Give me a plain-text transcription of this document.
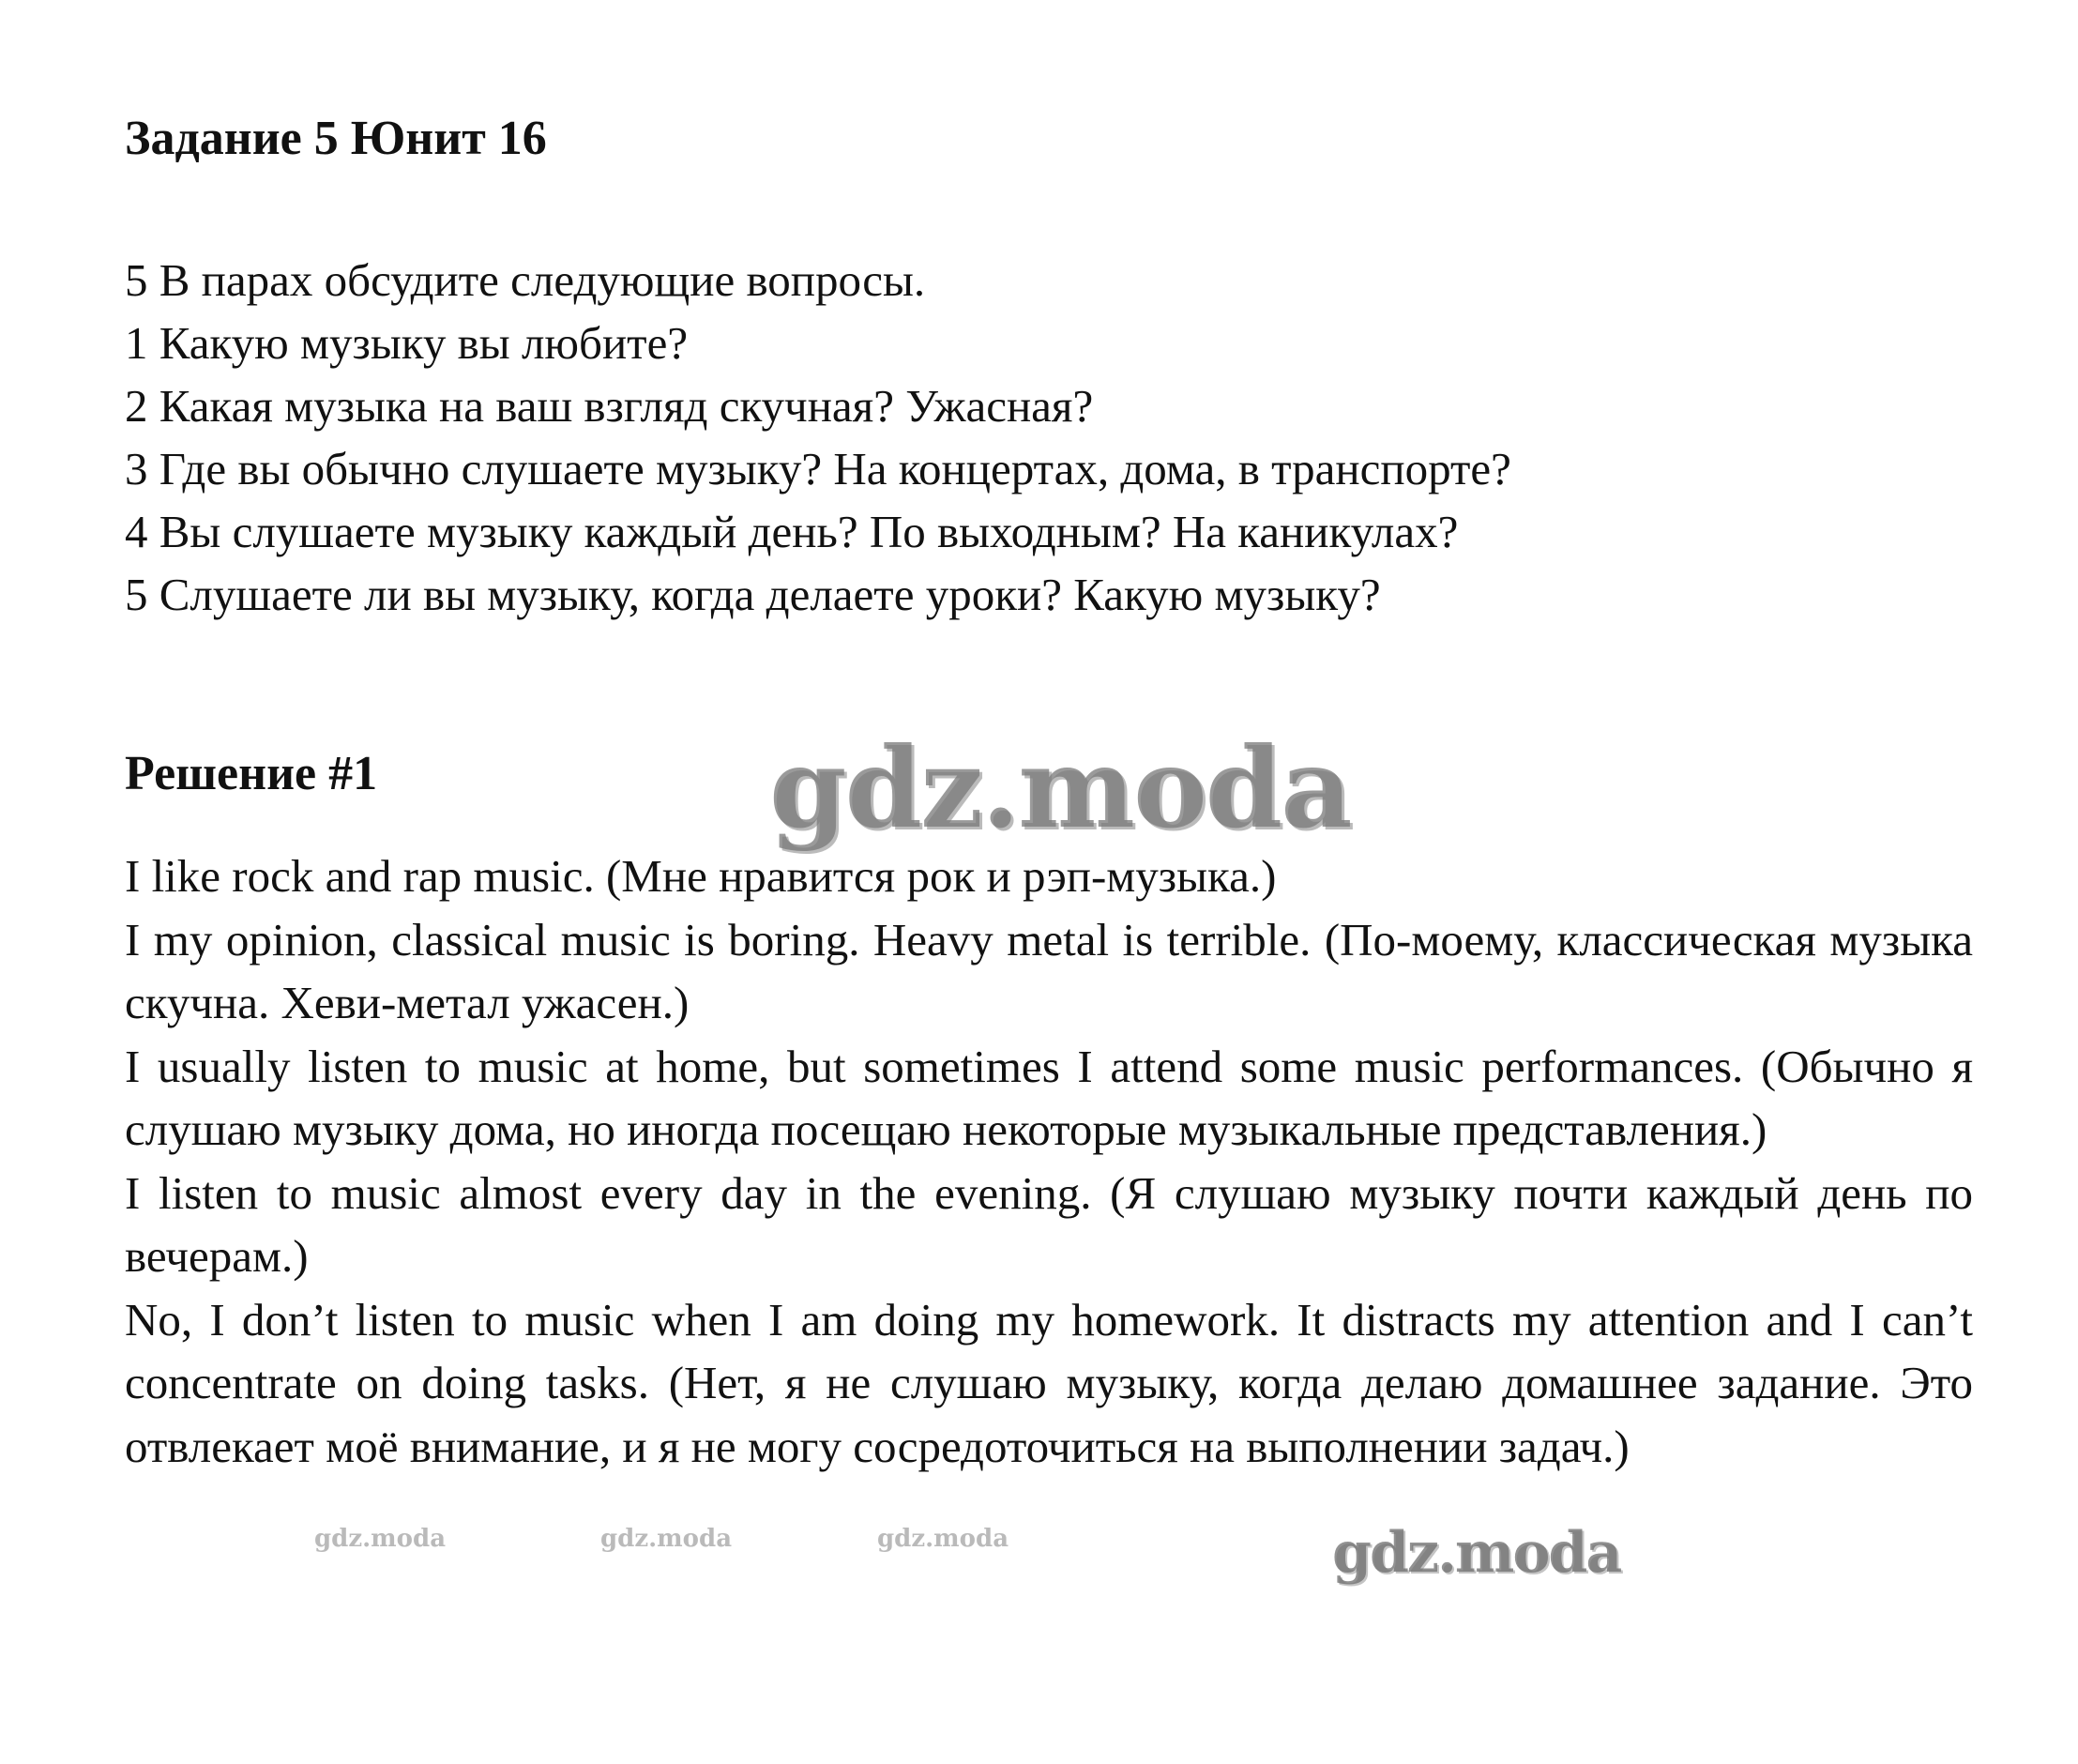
Задание 5 Юнит 16
5 В парах обсудите следующие вопросы.
1 Какую музыку вы любите?
2 Какая музыка на ваш взгляд скучная? Ужасная?
3 Где вы обычно слушаете музыку? На концертах, дома, в транспорте?
4 Вы слушаете музыку каждый день? По выходным? На каникулах?
5 Слушаете ли вы музыку, когда делаете уроки? Какую музыку?
Решение #1

I like rock and rap music. (Мне нравится рок и рэп-музыка.)

I my opinion, classical music is boring. Heavy metal is terrible. (По-моему, классическая музыка скучна. Хеви-метал ужасен.)

I usually listen to music at home, but sometimes I attend some music performances. (Обычно я слушаю музыку дома, но иногда посещаю некоторые музыкальные представления.)

I listen to music almost every day in the evening. (Я слушаю музыку почти каждый день по вечерам.)

No, I don’t listen to music when I am doing my homework. It distracts my attention and I can’t concentrate on doing tasks. (Нет, я не слушаю музыку, когда делаю домашнее задание. Это отвлекает моё внимание, и я не могу сосредоточиться на выполнении задач.)

gdz.moda
gdz.moda
gdz.moda	gdz.moda	gdz.moda
